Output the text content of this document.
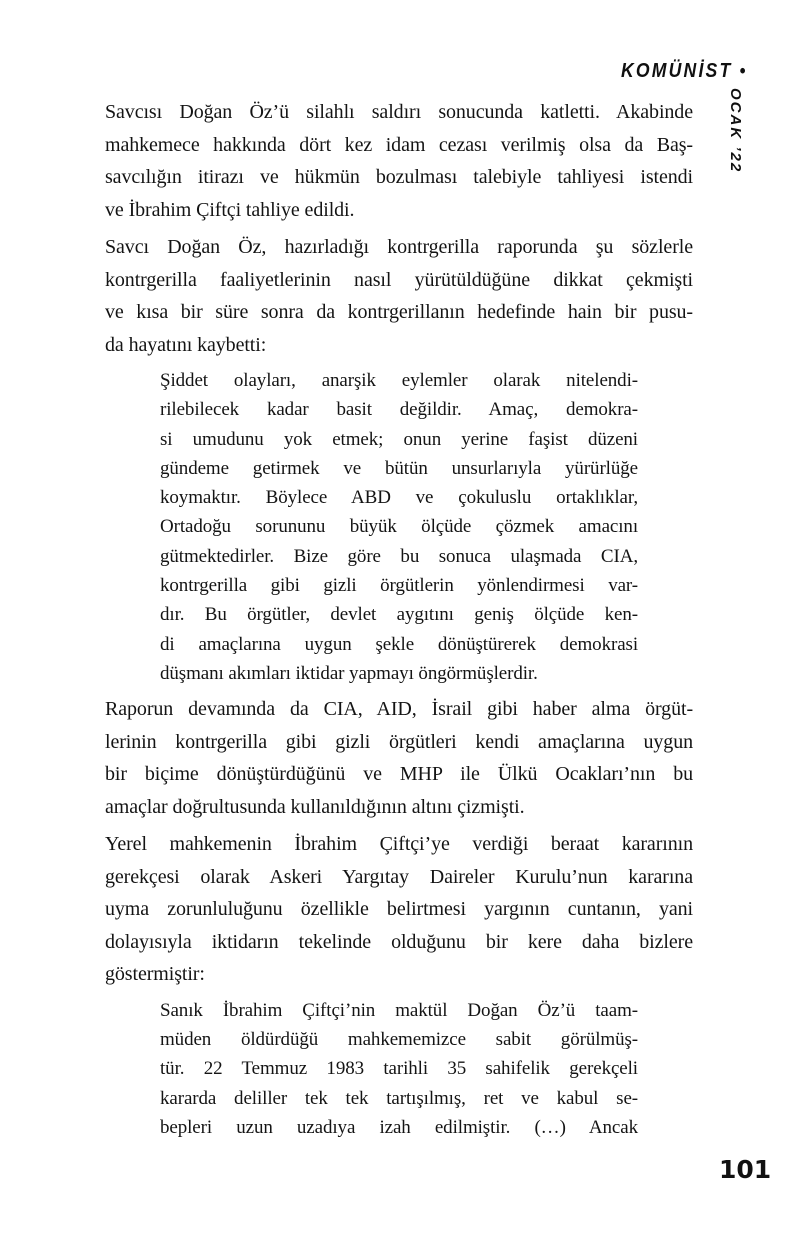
KOMÜNİST •
OCAK ’22
Savcısı Doğan Öz’ü silahlı saldırı sonucunda katletti. Akabinde
mahkemece hakkında dört kez idam cezası verilmiş olsa da Baş-
savcılığın itirazı ve hükmün bozulması talebiyle tahliyesi istendi
ve İbrahim Çiftçi tahliye edildi.
Savcı Doğan Öz, hazırladığı kontrgerilla raporunda şu sözlerle
kontrgerilla faaliyetlerinin nasıl yürütüldüğüne dikkat çekmişti
ve kısa bir süre sonra da kontrgerillanın hedefinde hain bir pusu-
da hayatını kaybetti:
Şiddet olayları, anarşik eylemler olarak nitelendi-
rilebilecek kadar basit değildir. Amaç, demokra-
si umudunu yok etmek; onun yerine faşist düzeni
gündeme getirmek ve bütün unsurlarıyla yürürlüğe
koymaktır. Böylece ABD ve çokuluslu ortaklıklar,
Ortadoğu sorununu büyük ölçüde çözmek amacını
gütmektedirler. Bize göre bu sonuca ulaşmada CIA,
kontrgerilla gibi gizli örgütlerin yönlendirmesi var-
dır. Bu örgütler, devlet aygıtını geniş ölçüde ken-
di amaçlarına uygun şekle dönüştürerek demokrasi
düşmanı akımları iktidar yapmayı öngörmüşlerdir.
Raporun devamında da CIA, AID, İsrail gibi haber alma örgüt-
lerinin kontrgerilla gibi gizli örgütleri kendi amaçlarına uygun
bir biçime dönüştürdüğünü ve MHP ile Ülkü Ocakları’nın bu
amaçlar doğrultusunda kullanıldığının altını çizmişti.
Yerel mahkemenin İbrahim Çiftçi’ye verdiği beraat kararının
gerekçesi olarak Askeri Yargıtay Daireler Kurulu’nun kararına
uyma zorunluluğunu özellikle belirtmesi yargının cuntanın, yani
dolayısıyla iktidarın tekelinde olduğunu bir kere daha bizlere
göstermiştir:
Sanık İbrahim Çiftçi’nin maktül Doğan Öz’ü taam-
müden öldürdüğü mahkememizce sabit görülmüş-
tür. 22 Temmuz 1983 tarihli 35 sahifelik gerekçeli
kararda deliller tek tek tartışılmış, ret ve kabul se-
bepleri uzun uzadıya izah edilmiştir. (…) Ancak
101
